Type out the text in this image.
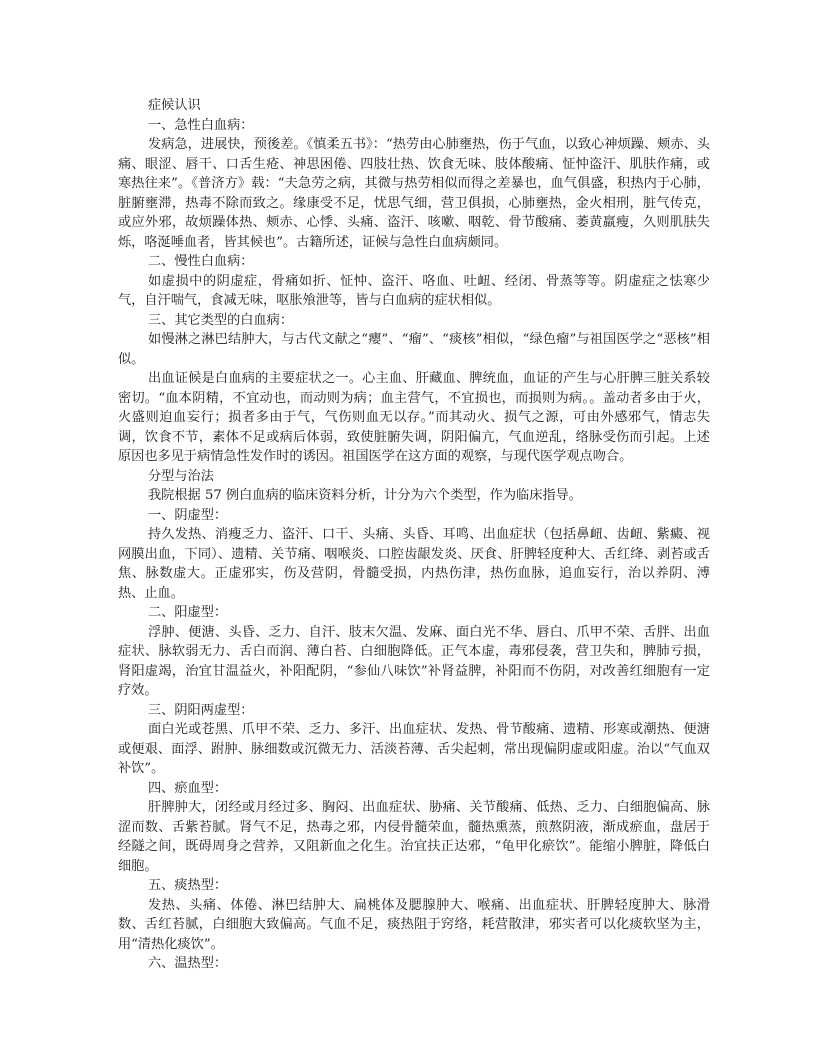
症候认识

一、急性白血病：

发病急，进展快，预後差。《慎柔五书》：“热劳由心肺壅热，伤于气血，以致心神烦躁、颊赤、头痛、眼涩、唇干、口舌生疮、神思困倦、四肢壮热、饮食无味、肢体酸痛、怔忡盗汗、肌肤作痛，或寒热往来”。《普济方》载：“夫急劳之病，其微与热劳相似而得之差暴也，血气俱盛，积热内于心肺，脏腑壅滞，热毒不除而致之。缘康受不足，忧思气细，营卫俱损，心肺壅热，金火相刑，脏气传克，或应外邪，故烦躁体热、颊赤、心悸、头痛、盗汗、咳嗽、咽乾、骨节酸痛、萎黄羸瘦，久则肌肤失烁，咯涎唾血者，皆其候也”。古籍所述，证候与急性白血病颇同。

二、慢性白血病：

如虚损中的阴虚症，骨痛如折、怔忡、盗汗、咯血、吐衄、经闭、骨蒸等等。阴虚症之怯寒少气，自汗喘气，食减无味，呕胀飧泄等，皆与白血病的症状相似。

三、其它类型的白血病：

如慢淋之淋巴结肿大，与古代文献之“瘿”、“瘤”、“痰核”相似，“绿色瘤”与祖国医学之“恶核”相似。

出血证候是白血病的主要症状之一。心主血、肝藏血、脾统血，血证的产生与心肝脾三脏关系较密切。“血本阴精，不宜动也，而动则为病；血主营气，不宜损也，而损则为病。。盖动者多由于火，火盛则迫血妄行；损者多由于气，气伤则血无以存。”而其动火、损气之源，可由外感邪气，情志失调，饮食不节，素体不足或病后体弱，致使脏腑失调，阴阳偏亢，气血逆乱，络脉受伤而引起。上述原因也多见于病情急性发作时的诱因。祖国医学在这方面的观察，与现代医学观点吻合。

分型与治法

我院根据 57 例白血病的临床资料分析，计分为六个类型，作为临床指导。

一、阴虚型：

持久发热、消瘦乏力、盗汗、口干、头痛、头昏、耳鸣、出血症状（包括鼻衄、齿衄、紫癜、视网膜出血，下同）、遗精、关节痛、咽喉炎、口腔齿龈发炎、厌食、肝脾轻度种大、舌红绛、剥苔或舌焦、脉数虚大。正虚邪实，伤及营阴，骨髓受损，内热伤津，热伤血脉，追血妄行，治以养阴、溥热、止血。

二、阳虚型：

浮肿、便溏、头昏、乏力、自汗、肢末欠温、发麻、面白光不华、唇白、爪甲不荣、舌胖、出血症状、脉软弱无力、舌白而润、薄白苔、白细胞降低。正气本虚，毒邪侵袭，营卫失和，脾肺亏损，肾阳虚竭，治宜甘温益火，补阳配阴，“参仙八味饮”补肾益脾，补阳而不伤阴，对改善红细胞有一定疗效。

三、阴阳两虚型：

面白光或苍黑、爪甲不荣、乏力、多汗、出血症状、发热、骨节酸痛、遗精、形寒或潮热、便溏或便艰、面浮、跗肿、脉细数或沉微无力、活淡苔薄、舌尖起刺，常出现偏阴虚或阳虚。治以“气血双补饮”。

四、瘀血型：

肝脾肿大，闭经或月经过多、胸闷、出血症状、胁痛、关节酸痛、低热、乏力、白细胞偏高、脉涩而数、舌紫苔腻。肾气不足，热毒之邪，内侵骨髓荣血，髓热熏蒸，煎熬阴液，渐成瘀血，盘居于经隧之间，既碍周身之营养，又阻新血之化生。治宜扶正达邪，“龟甲化瘀饮”。能缩小脾脏，降低白细胞。

五、痰热型：

发热、头痛、体倦、淋巴结肿大、扁桃体及腮腺肿大、喉痛、出血症状、肝脾轻度肿大、脉滑数、舌红苔腻，白细胞大致偏高。气血不足，痰热阻于窍络，耗营散津，邪实者可以化痰软坚为主，用“清热化痰饮”。

六、温热型：
